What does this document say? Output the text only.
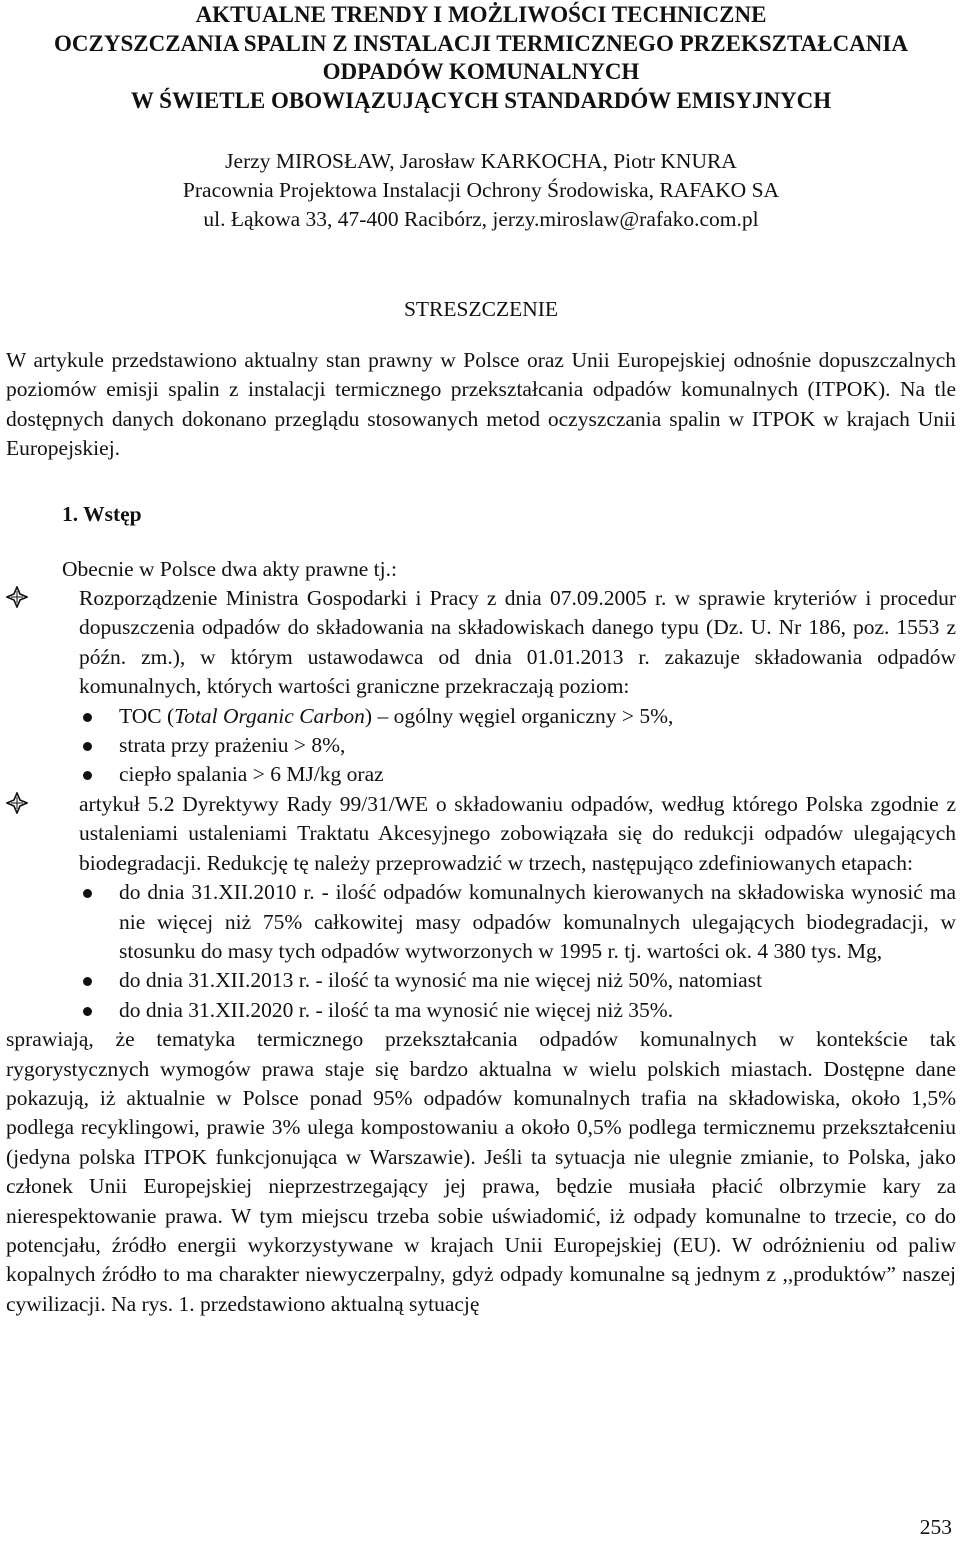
AKTUALNE TRENDY I MOŻLIWOŚCI TECHNICZNE
OCZYSZCZANIA SPALIN Z INSTALACJI TERMICZNEGO PRZEKSZTAŁCANIA
ODPADÓW KOMUNALNYCH
W ŚWIETLE OBOWIĄZUJĄCYCH STANDARDÓW EMISYJNYCH
Jerzy MIROSŁAW, Jarosław KARKOCHA, Piotr KNURA
Pracownia Projektowa Instalacji Ochrony Środowiska, RAFAKO SA
ul. Łąkowa 33, 47-400 Racibórz, jerzy.miroslaw@rafako.com.pl
STRESZCZENIE
W artykule przedstawiono aktualny stan prawny w Polsce oraz Unii Europejskiej odnośnie dopuszczalnych poziomów emisji spalin z instalacji termicznego przekształcania odpadów komunalnych (ITPOK). Na tle dostępnych danych dokonano przeglądu stosowanych metod oczyszczania spalin w ITPOK w krajach Unii Europejskiej.
1. Wstęp
Obecnie w Polsce dwa akty prawne tj.:
Rozporządzenie Ministra Gospodarki i Pracy z dnia 07.09.2005 r. w sprawie kryteriów i procedur dopuszczenia odpadów do składowania na składowiskach danego typu (Dz. U. Nr 186, poz. 1553 z późn. zm.), w którym ustawodawca od dnia 01.01.2013 r. zakazuje składowania odpadów komunalnych, których wartości graniczne przekraczają poziom:
TOC (Total Organic Carbon) – ogólny węgiel organiczny > 5%,
strata przy prażeniu > 8%,
ciepło spalania > 6 MJ/kg oraz
artykuł 5.2 Dyrektywy Rady 99/31/WE o składowaniu odpadów, według którego Polska zgodnie z ustaleniami ustaleniami Traktatu Akcesyjnego zobowiązała się do redukcji odpadów ulegających biodegradacji. Redukcję tę należy przeprowadzić w trzech, następująco zdefiniowanych etapach:
do dnia 31.XII.2010 r. - ilość odpadów komunalnych kierowanych na składowiska wynosić ma nie więcej niż 75% całkowitej masy odpadów komunalnych ulegających biodegradacji, w stosunku do masy tych odpadów wytworzonych w 1995 r. tj. wartości ok. 4 380 tys. Mg,
do dnia 31.XII.2013 r. - ilość ta wynosić ma nie więcej niż 50%, natomiast
do dnia 31.XII.2020 r. - ilość ta ma wynosić nie więcej niż 35%.
sprawiają, że tematyka termicznego przekształcania odpadów komunalnych w kontekście tak rygorystycznych wymogów prawa staje się bardzo aktualna w wielu polskich miastach. Dostępne dane pokazują, iż aktualnie w Polsce ponad 95% odpadów komunalnych trafia na składowiska, około 1,5% podlega recyklingowi, prawie 3% ulega kompostowaniu a około 0,5% podlega termicznemu przekształceniu (jedyna polska ITPOK funkcjonująca w Warszawie). Jeśli ta sytuacja nie ulegnie zmianie, to Polska, jako członek Unii Europejskiej nieprzestrzegający jej prawa, będzie musiała płacić olbrzymie kary za nierespektowanie prawa. W tym miejscu trzeba sobie uświadomić, iż odpady komunalne to trzecie, co do potencjału, źródło energii wykorzystywane w krajach Unii Europejskiej (EU). W odróżnieniu od paliw kopalnych źródło to ma charakter niewyczerpalny, gdyż odpady komunalne są jednym z ,,produktów” naszej cywilizacji. Na rys. 1. przedstawiono aktualną sytuację
253
